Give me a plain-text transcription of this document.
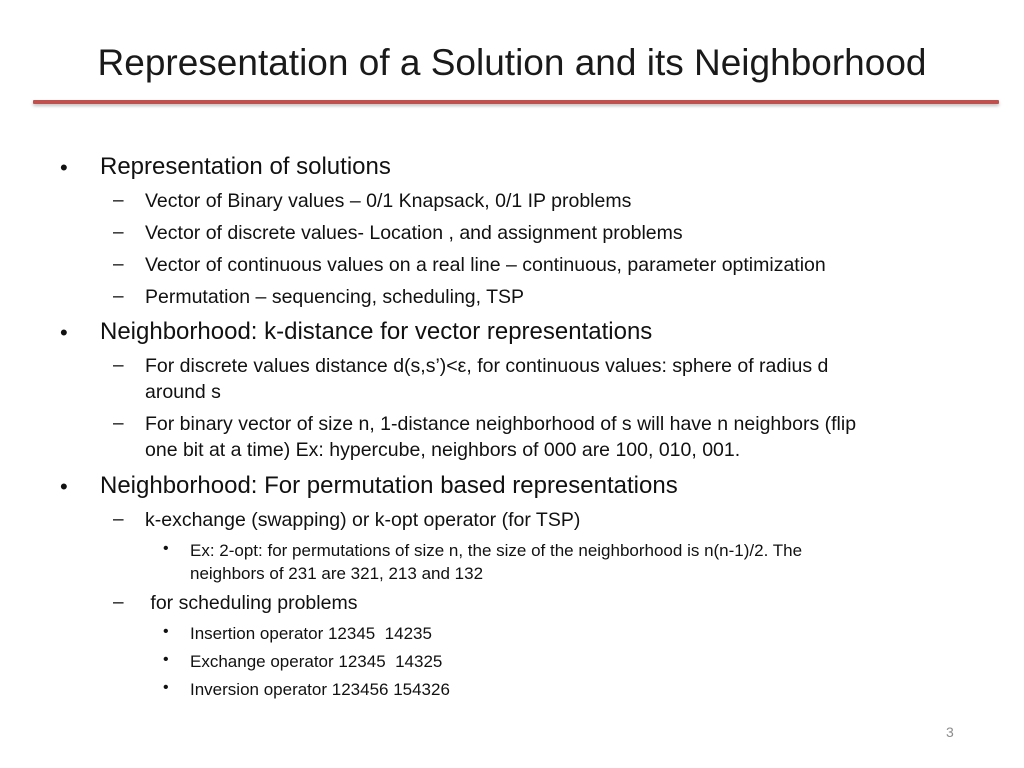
Representation of a Solution and its Neighborhood
• Representation of solutions

– Vector of Binary values – 0/1 Knapsack, 0/1 IP problems

– Vector of discrete values- Location , and assignment problems

– Vector of continuous values on a real line – continuous, parameter optimization

– Permutation – sequencing, scheduling, TSP

• Neighborhood: k-distance for vector representations

– For discrete values distance d(s,s’)<ε, for continuous values: sphere of radius d

around s

– For binary vector of size n, 1-distance neighborhood of s will have n neighbors (flip

one bit at a time) Ex: hypercube, neighbors of 000 are 100, 010, 001.

• Neighborhood: For permutation based representations

– k-exchange (swapping) or k-opt operator (for TSP)

• Ex: 2-opt: for permutations of size n, the size of the neighborhood is n(n-1)/2. The

neighbors of 231 are 321, 213 and 132

– for scheduling problems

• Insertion operator 12345  14235

• Exchange operator 12345  14325

• Inversion operator 123456 154326

3
